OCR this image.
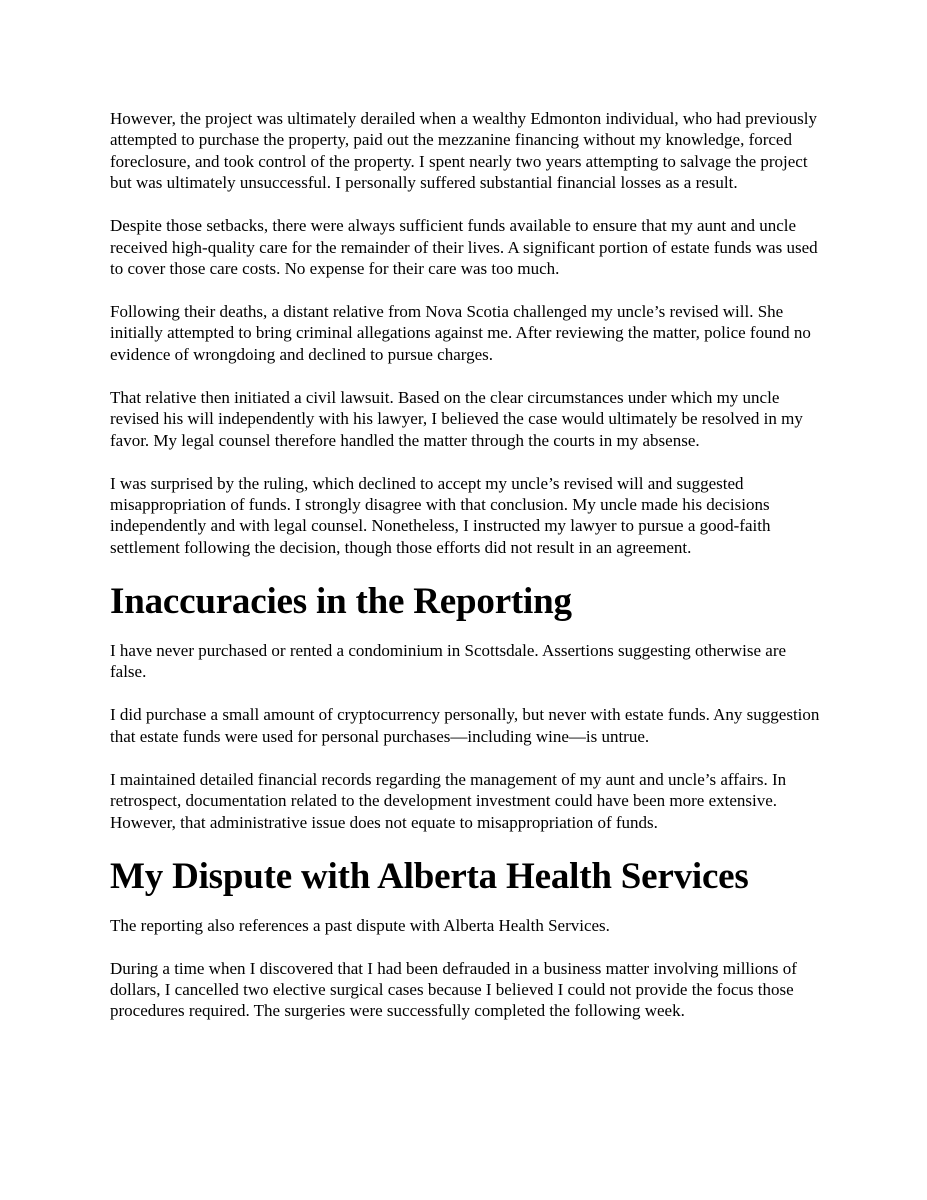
However, the project was ultimately derailed when a wealthy Edmonton individual, who had previously attempted to purchase the property, paid out the mezzanine financing without my knowledge, forced foreclosure, and took control of the property. I spent nearly two years attempting to salvage the project but was ultimately unsuccessful. I personally suffered substantial financial losses as a result.

Despite those setbacks, there were always sufficient funds available to ensure that my aunt and uncle received high-quality care for the remainder of their lives. A significant portion of estate funds was used to cover those care costs. No expense for their care was too much.

Following their deaths, a distant relative from Nova Scotia challenged my uncle’s revised will. She initially attempted to bring criminal allegations against me. After reviewing the matter, police found no evidence of wrongdoing and declined to pursue charges.

That relative then initiated a civil lawsuit. Based on the clear circumstances under which my uncle revised his will independently with his lawyer, I believed the case would ultimately be resolved in my favor. My legal counsel therefore handled the matter through the courts in my absense.

I was surprised by the ruling, which declined to accept my uncle’s revised will and suggested misappropriation of funds. I strongly disagree with that conclusion. My uncle made his decisions independently and with legal counsel. Nonetheless, I instructed my lawyer to pursue a good-faith settlement following the decision, though those efforts did not result in an agreement.

Inaccuracies in the Reporting

I have never purchased or rented a condominium in Scottsdale. Assertions suggesting otherwise are false.

I did purchase a small amount of cryptocurrency personally, but never with estate funds. Any suggestion that estate funds were used for personal purchases—including wine—is untrue.

I maintained detailed financial records regarding the management of my aunt and uncle’s affairs. In retrospect, documentation related to the development investment could have been more extensive. However, that administrative issue does not equate to misappropriation of funds.

My Dispute with Alberta Health Services

The reporting also references a past dispute with Alberta Health Services.

During a time when I discovered that I had been defrauded in a business matter involving millions of dollars, I cancelled two elective surgical cases because I believed I could not provide the focus those procedures required. The surgeries were successfully completed the following week.
